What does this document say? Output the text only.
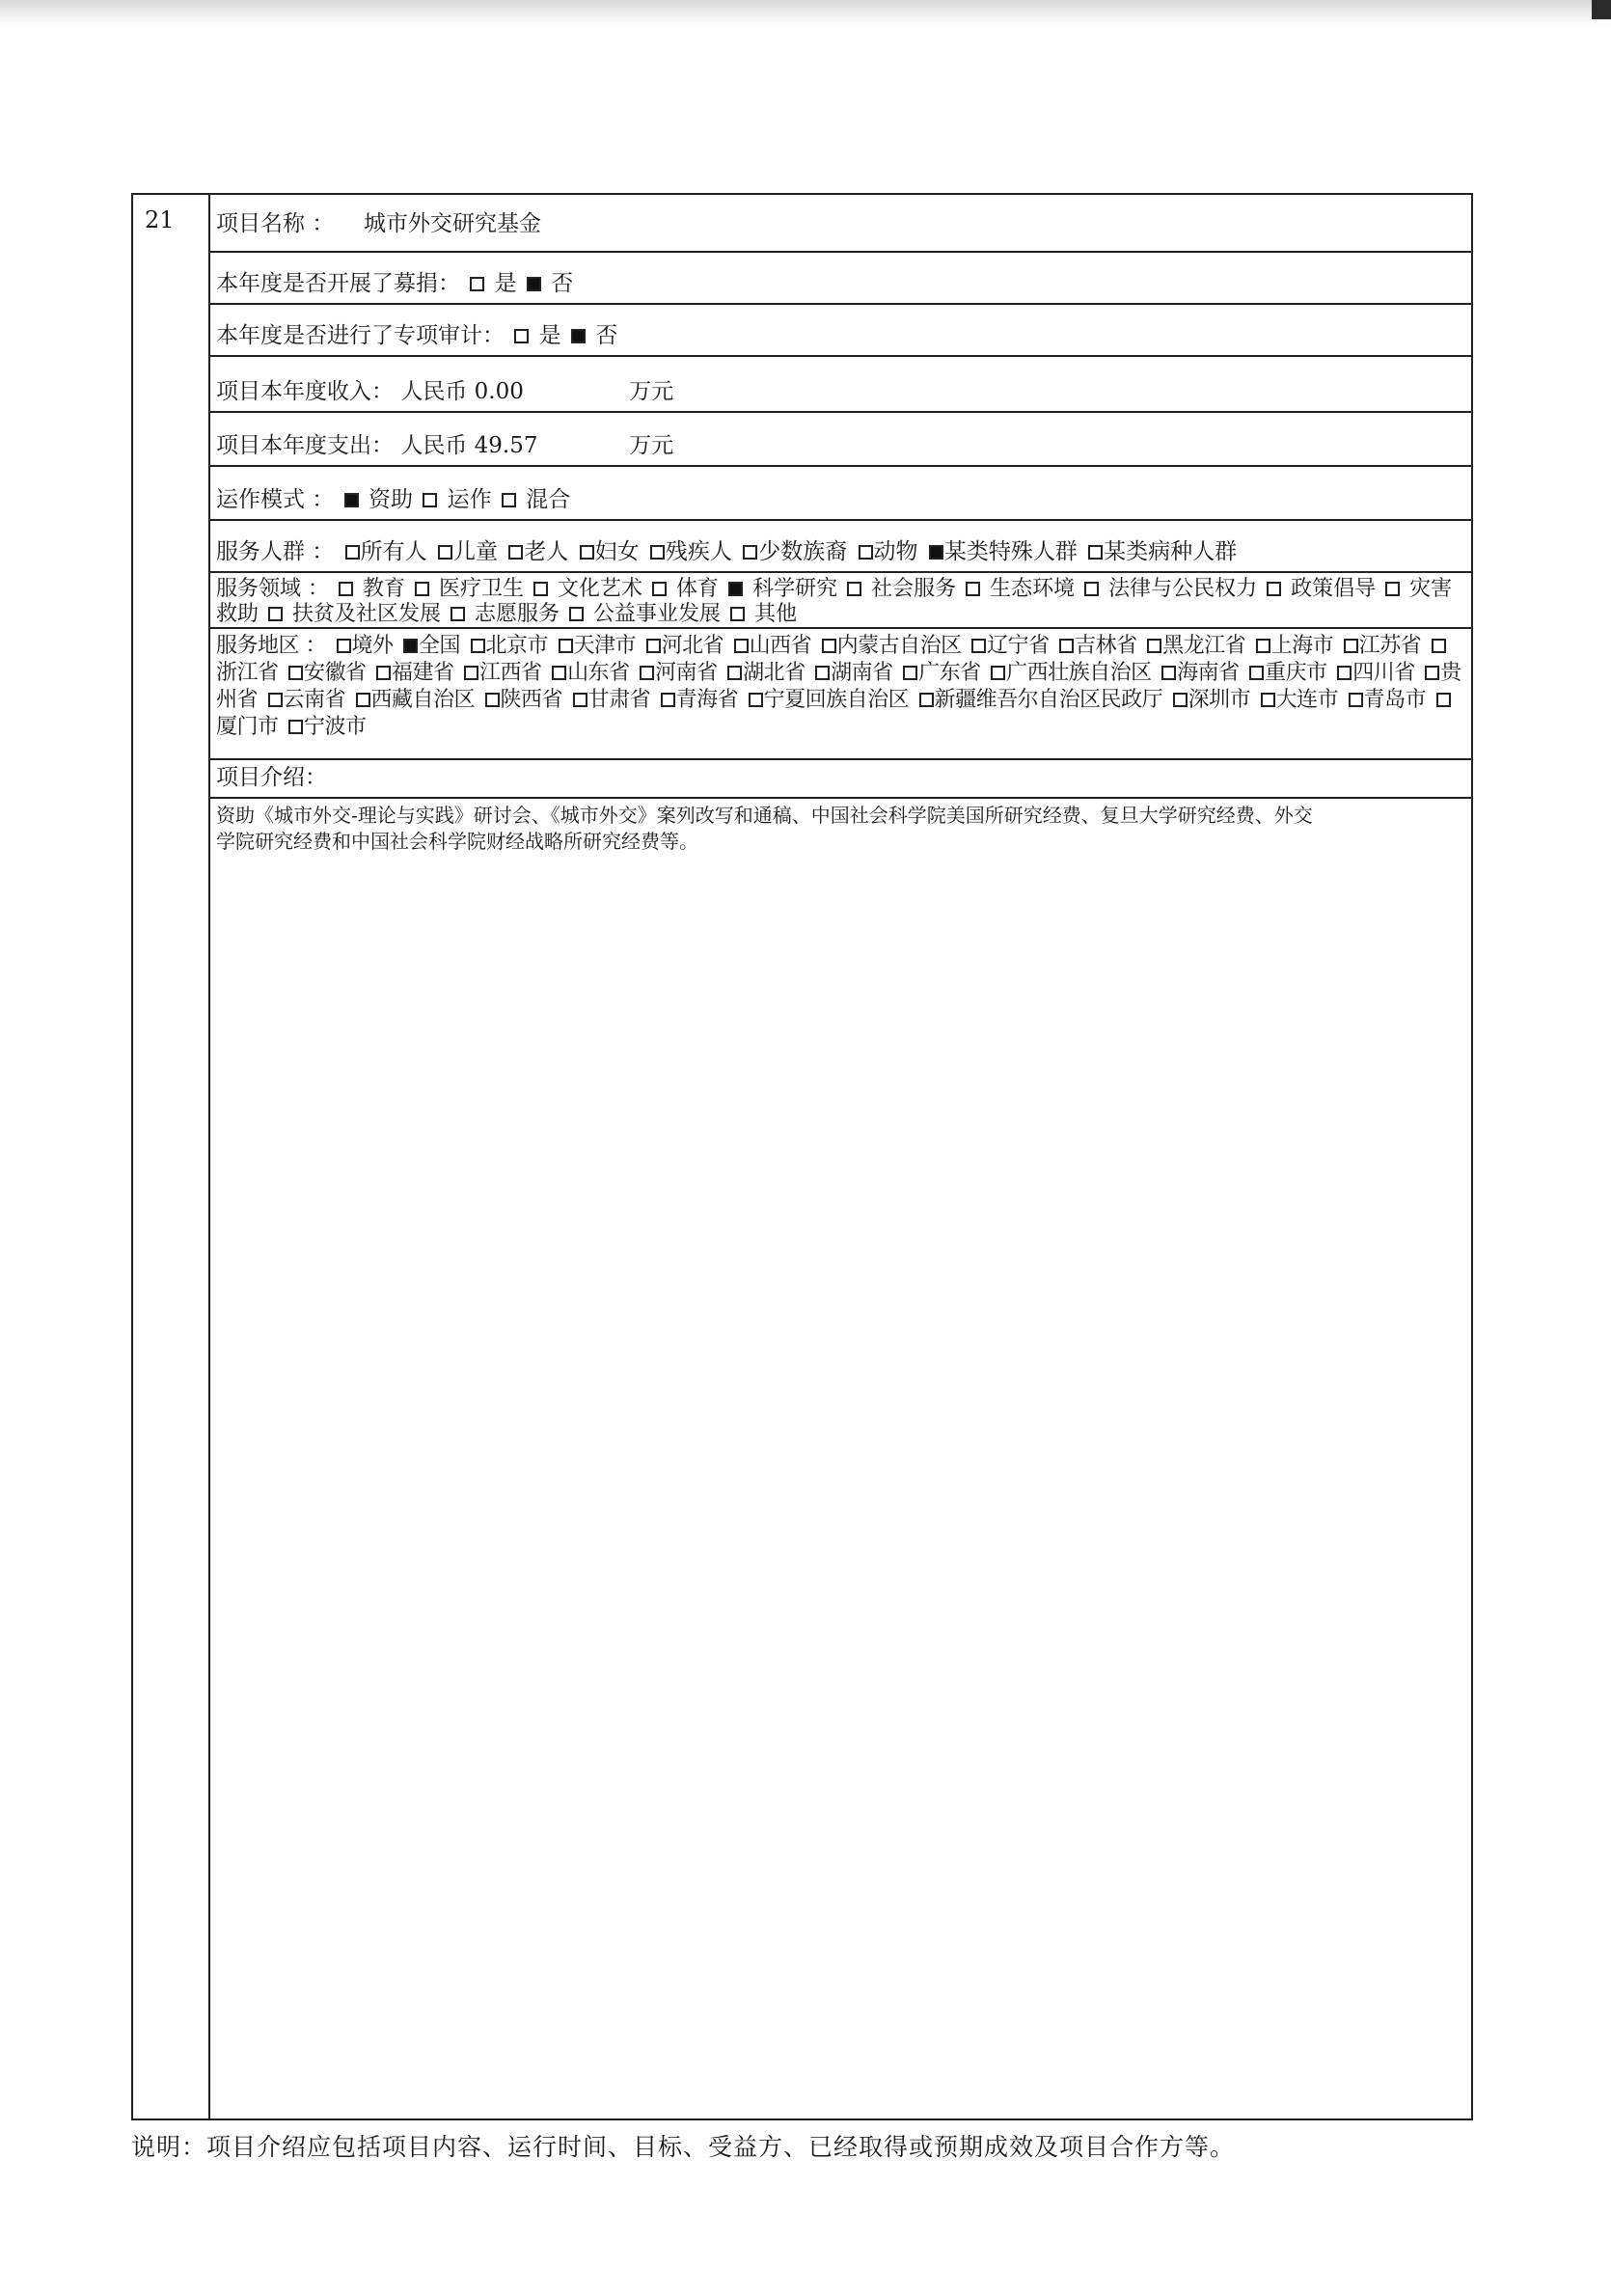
21 项目名称 ： 城市外交研究基金
本年度是否开展了募捐： 是 否
本年度是否进行了专项审计： 是 否
项目本年度收入： 人民币 0.00	万元
项目本年度支出： 人民币 49.57	万元
运作模式 ： 资助 运作 混合
服务人群 ： 所有人 儿童 老人 妇女 残疾人 少数族裔 动物 某类特殊人群 某类病种人群
服务领域 ： 教育 医疗卫生 文化艺术 体育 科学研究 社会服务 生态环境 法律与公民权力 政策倡导 灾害救助 扶贫及社区发展 志愿服务 公益事业发展 其他
服务地区 ： 境外 全国 北京市 天津市 河北省 山西省 内蒙古自治区 辽宁省 吉林省 黑龙江省 上海市 江苏省 浙江省 安徽省 福建省 江西省 山东省 河南省 湖北省 湖南省 广东省 广西壮族自治区 海南省 重庆市 四川省 贵州省 云南省 西藏自治区 陕西省 甘肃省 青海省 宁夏回族自治区 新疆维吾尔自治区民政厅 深圳市 大连市 青岛市 厦门市 宁波市
项目介绍：
资助《城市外交-理论与实践》研讨会、《城市外交》案列改写和通稿、中国社会科学院美国所研究经费、复旦大学研究经费、外交学院研究经费和中国社会科学院财经战略所研究经费等。
说明：项目介绍应包括项目内容、运行时间、目标、受益方、已经取得或预期成效及项目合作方等。
